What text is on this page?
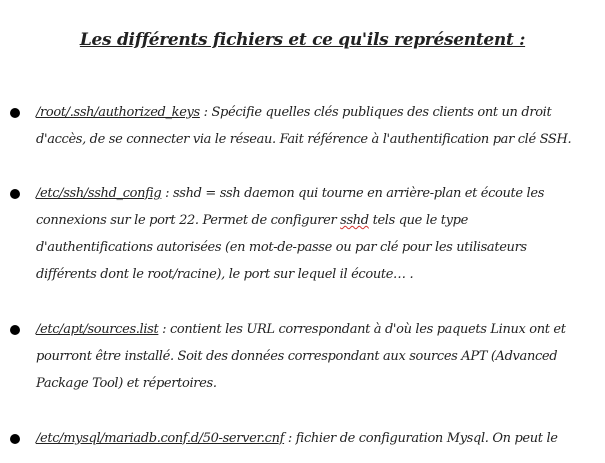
Les différents fichiers et ce qu'ils représentent :
/root/.ssh/authorized_keys : Spécifie quelles clés publiques des clients ont un droit d'accès, de se connecter via le réseau. Fait référence à l'authentification par clé SSH.
/etc/ssh/sshd_config : sshd = ssh daemon qui tourne en arrière-plan et écoute les connexions sur le port 22. Permet de configurer sshd tels que le type d'authentifications autorisées (en mot-de-passe ou par clé pour les utilisateurs différents dont le root/racine), le port sur lequel il écoute… .
/etc/apt/sources.list : contient les URL correspondant à d'où les paquets Linux ont et pourront être installé. Soit des données correspondant aux sources APT (Advanced Package Tool) et répertoires.
/etc/mysql/mariadb.conf.d/50-server.cnf : fichier de configuration Mysql. On peut le
